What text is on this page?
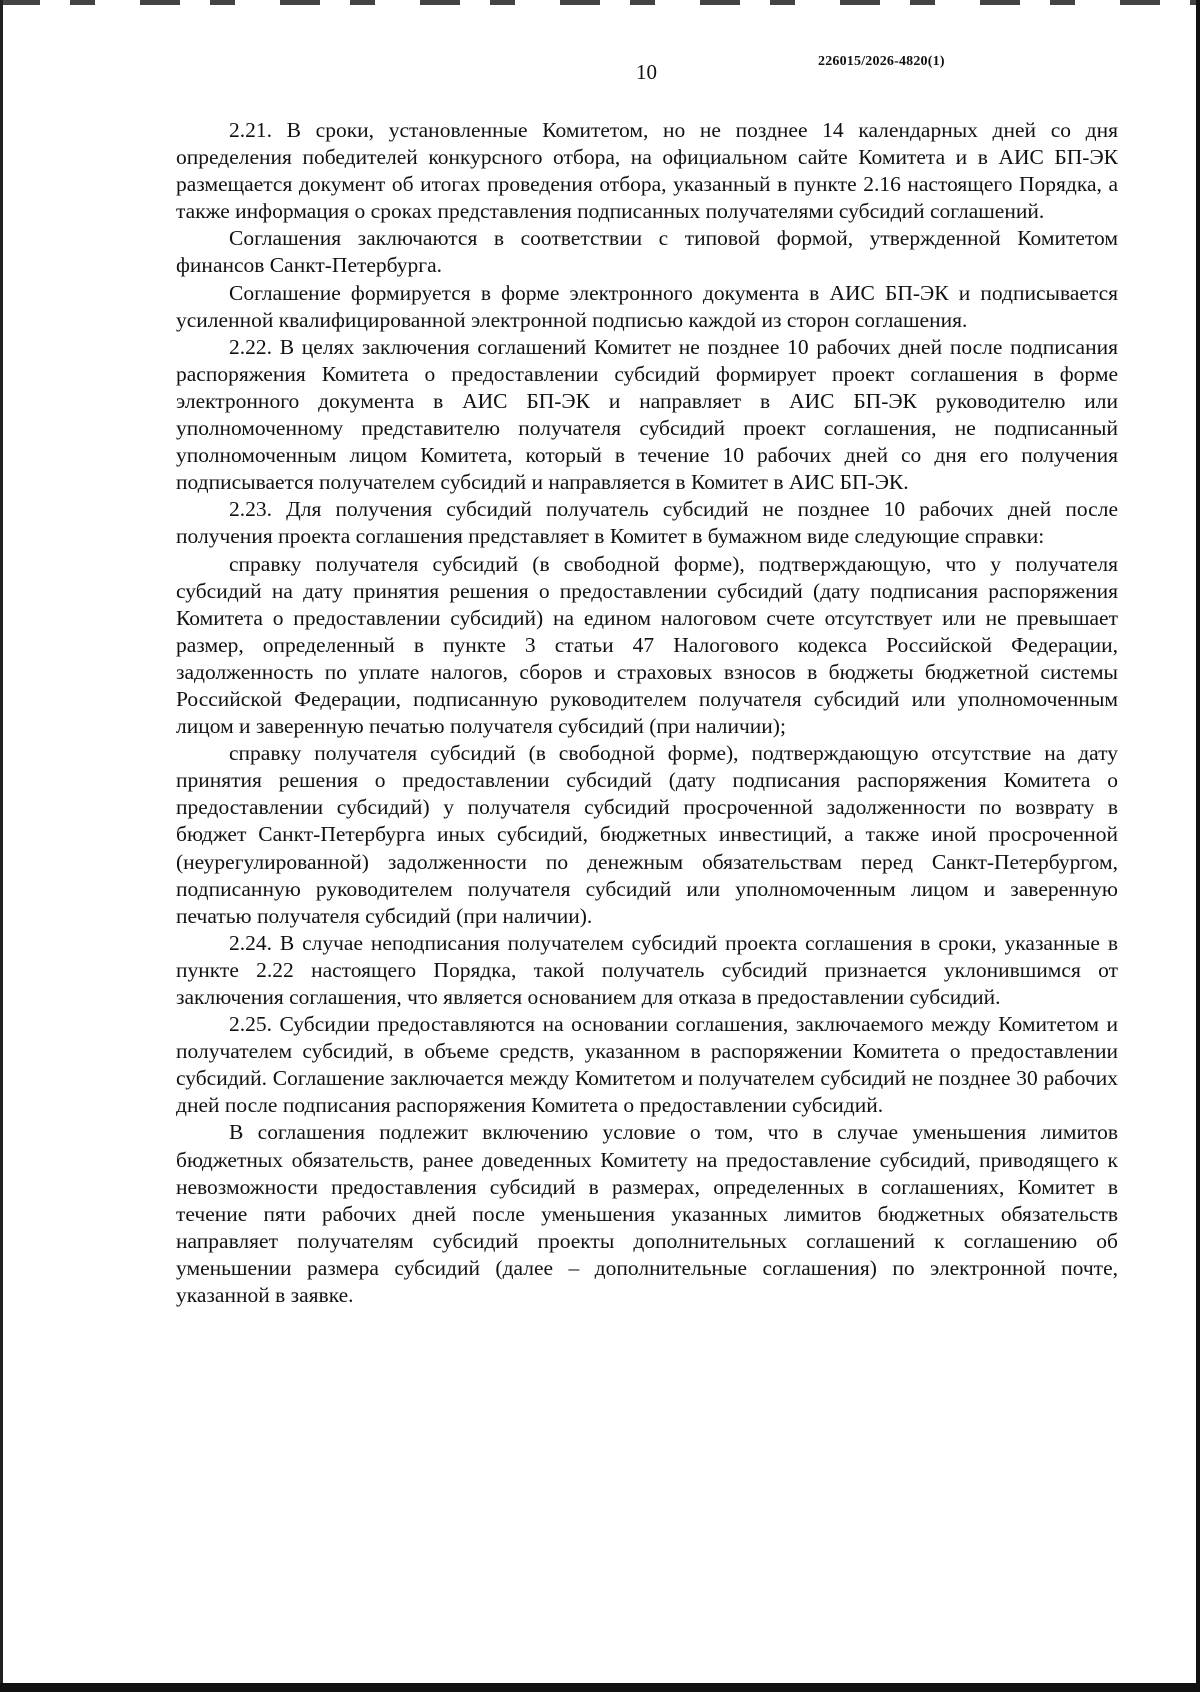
10	226015/2026-4820(1)

2.21. В сроки, установленные Комитетом, но не позднее 14 календарных дней со дня определения победителей конкурсного отбора, на официальном сайте Комитета и в АИС БП-ЭК размещается документ об итогах проведения отбора, указанный в пункте 2.16 настоящего Порядка, а также информация о сроках представления подписанных получателями субсидий соглашений.

Соглашения заключаются в соответствии с типовой формой, утвержденной Комитетом финансов Санкт-Петербурга.

Соглашение формируется в форме электронного документа в АИС БП-ЭК и подписывается усиленной квалифицированной электронной подписью каждой из сторон соглашения.

2.22. В целях заключения соглашений Комитет не позднее 10 рабочих дней после подписания распоряжения Комитета о предоставлении субсидий формирует проект соглашения в форме электронного документа в АИС БП-ЭК и направляет в АИС БП-ЭК руководителю или уполномоченному представителю получателя субсидий проект соглашения, не подписанный уполномоченным лицом Комитета, который в течение 10 рабочих дней со дня его получения подписывается получателем субсидий и направляется в Комитет в АИС БП-ЭК.

2.23. Для получения субсидий получатель субсидий не позднее 10 рабочих дней после получения проекта соглашения представляет в Комитет в бумажном виде следующие справки:

справку получателя субсидий (в свободной форме), подтверждающую, что у получателя субсидий на дату принятия решения о предоставлении субсидий (дату подписания распоряжения Комитета о предоставлении субсидий) на едином налоговом счете отсутствует или не превышает размер, определенный в пункте 3 статьи 47 Налогового кодекса Российской Федерации, задолженность по уплате налогов, сборов и страховых взносов в бюджеты бюджетной системы Российской Федерации, подписанную руководителем получателя субсидий или уполномоченным лицом и заверенную печатью получателя субсидий (при наличии);

справку получателя субсидий (в свободной форме), подтверждающую отсутствие на дату принятия решения о предоставлении субсидий (дату подписания распоряжения Комитета о предоставлении субсидий) у получателя субсидий просроченной задолженности по возврату в бюджет Санкт-Петербурга иных субсидий, бюджетных инвестиций, а также иной просроченной (неурегулированной) задолженности по денежным обязательствам перед Санкт-Петербургом, подписанную руководителем получателя субсидий или уполномоченным лицом и заверенную печатью получателя субсидий (при наличии).

2.24. В случае неподписания получателем субсидий проекта соглашения в сроки, указанные в пункте 2.22 настоящего Порядка, такой получатель субсидий признается уклонившимся от заключения соглашения, что является основанием для отказа в предоставлении субсидий.

2.25. Субсидии предоставляются на основании соглашения, заключаемого между Комитетом и получателем субсидий, в объеме средств, указанном в распоряжении Комитета о предоставлении субсидий. Соглашение заключается между Комитетом и получателем субсидий не позднее 30 рабочих дней после подписания распоряжения Комитета о предоставлении субсидий.

В соглашения подлежит включению условие о том, что в случае уменьшения лимитов бюджетных обязательств, ранее доведенных Комитету на предоставление субсидий, приводящего к невозможности предоставления субсидий в размерах, определенных в соглашениях, Комитет в течение пяти рабочих дней после уменьшения указанных лимитов бюджетных обязательств направляет получателям субсидий проекты дополнительных соглашений к соглашению об уменьшении размера субсидий (далее – дополнительные соглашения) по электронной почте, указанной в заявке.
